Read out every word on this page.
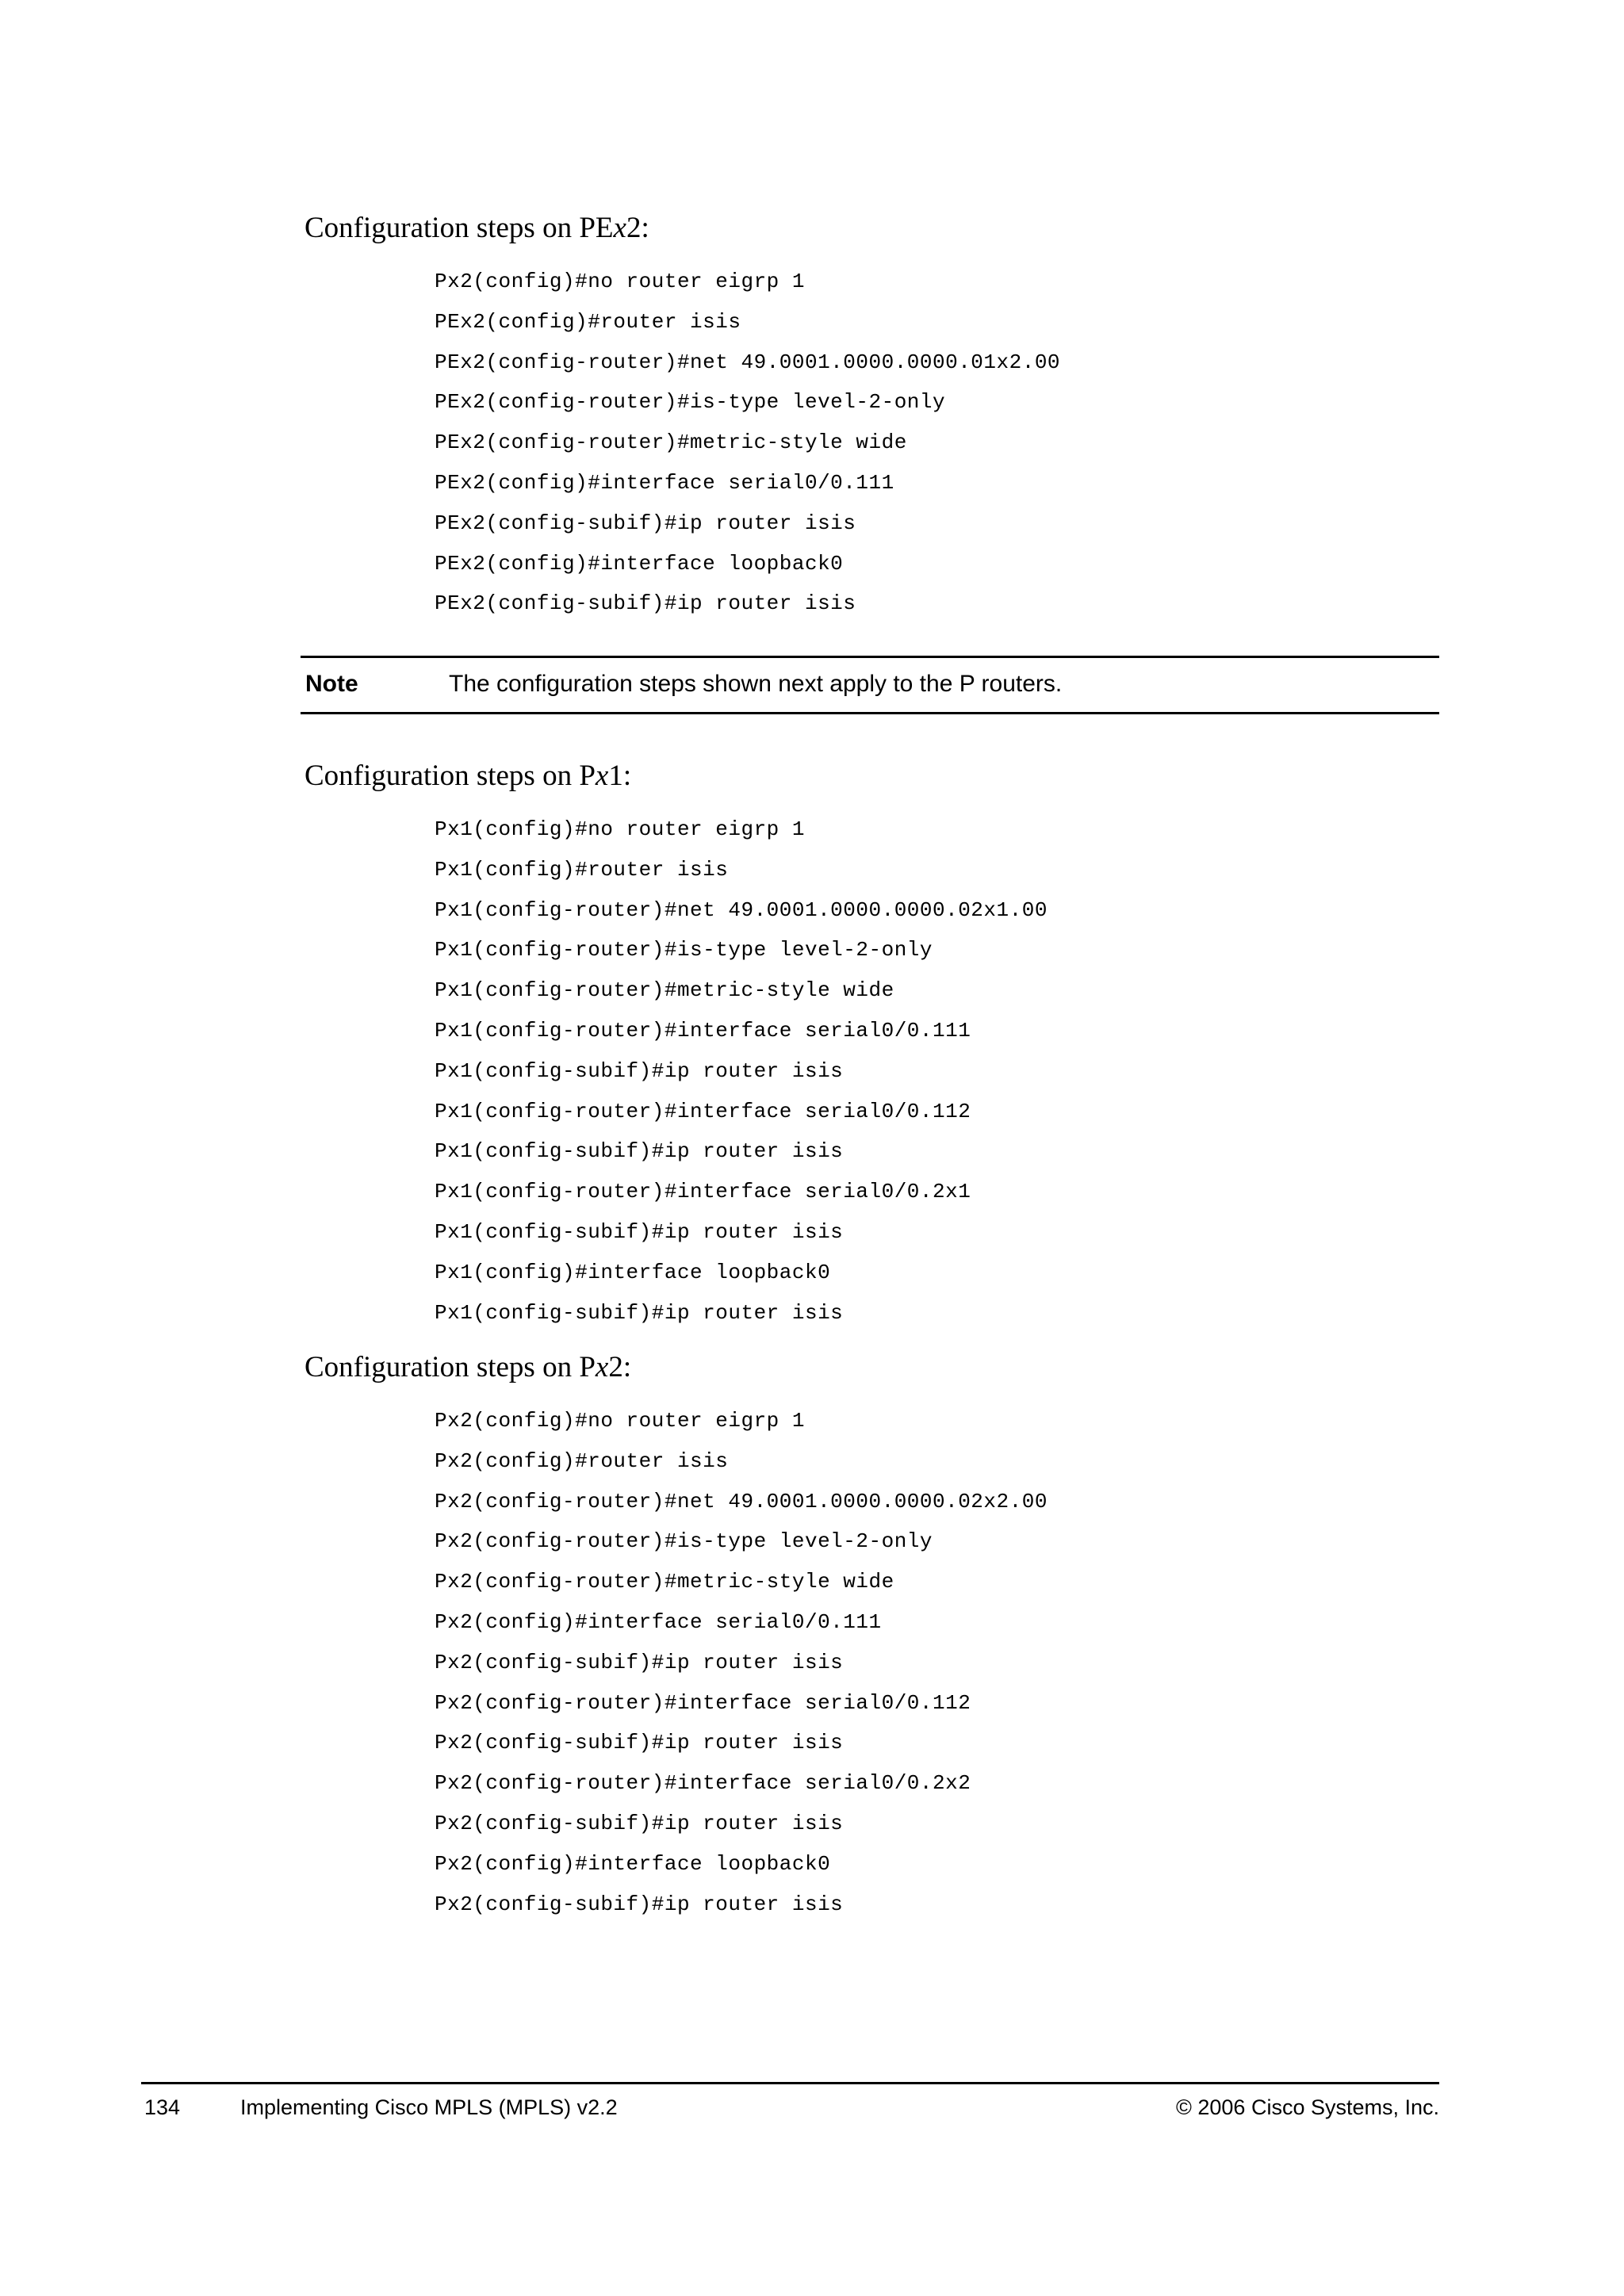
Configuration steps on PEx2:
Px2(config)#no router eigrp 1
PEx2(config)#router isis
PEx2(config-router)#net 49.0001.0000.0000.01x2.00
PEx2(config-router)#is-type level-2-only
PEx2(config-router)#metric-style wide
PEx2(config)#interface serial0/0.111
PEx2(config-subif)#ip router isis
PEx2(config)#interface loopback0
PEx2(config-subif)#ip router isis
Note	The configuration steps shown next apply to the P routers.
Configuration steps on Px1:
Px1(config)#no router eigrp 1
Px1(config)#router isis
Px1(config-router)#net 49.0001.0000.0000.02x1.00
Px1(config-router)#is-type level-2-only
Px1(config-router)#metric-style wide
Px1(config-router)#interface serial0/0.111
Px1(config-subif)#ip router isis
Px1(config-router)#interface serial0/0.112
Px1(config-subif)#ip router isis
Px1(config-router)#interface serial0/0.2x1
Px1(config-subif)#ip router isis
Px1(config)#interface loopback0
Px1(config-subif)#ip router isis
Configuration steps on Px2:
Px2(config)#no router eigrp 1
Px2(config)#router isis
Px2(config-router)#net 49.0001.0000.0000.02x2.00
Px2(config-router)#is-type level-2-only
Px2(config-router)#metric-style wide
Px2(config)#interface serial0/0.111
Px2(config-subif)#ip router isis
Px2(config-router)#interface serial0/0.112
Px2(config-subif)#ip router isis
Px2(config-router)#interface serial0/0.2x2
Px2(config-subif)#ip router isis
Px2(config)#interface loopback0
Px2(config-subif)#ip router isis
134	Implementing Cisco MPLS (MPLS) v2.2	© 2006 Cisco Systems, Inc.
